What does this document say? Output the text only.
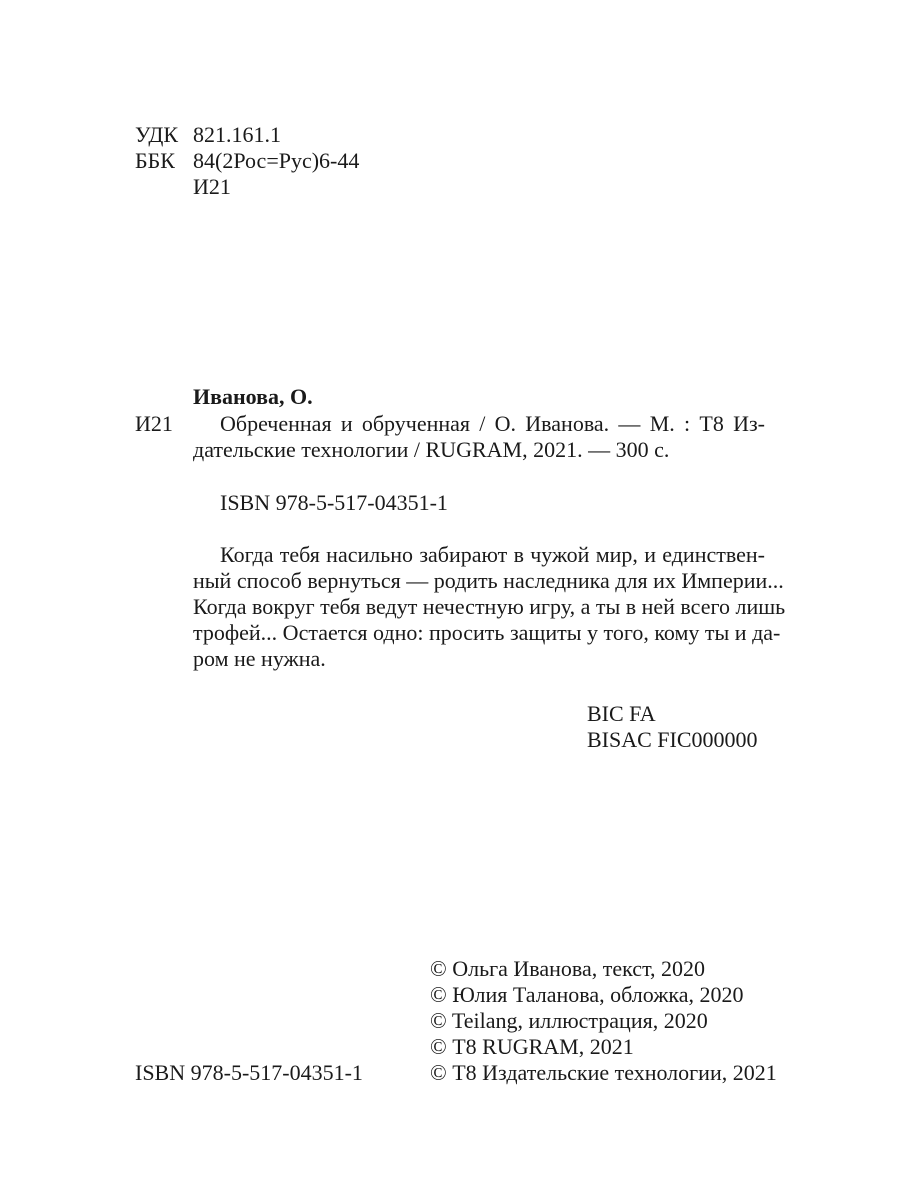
УДК 821.161.1
ББК 84(2Рос=Рус)6-44
И21
Иванова, О.
И21	Обреченная и обрученная / О. Иванова. — М. : Т8 Из-
дательские технологии / RUGRAM, 2021. — 300 с.
ISBN 978-5-517-04351-1
Когда тебя насильно забирают в чужой мир, и единствен-
ный способ вернуться — родить наследника для их Империи...
Когда вокруг тебя ведут нечестную игру, а ты в ней всего лишь
трофей... Остается одно: просить защиты у того, кому ты и да-
ром не нужна.
BIC FA
BISAC FIC000000
© Ольга Иванова, текст, 2020
© Юлия Таланова, обложка, 2020
© Teilang, иллюстрация, 2020
© Т8 RUGRAM, 2021
© Т8 Издательские технологии, 2021
ISBN 978-5-517-04351-1
